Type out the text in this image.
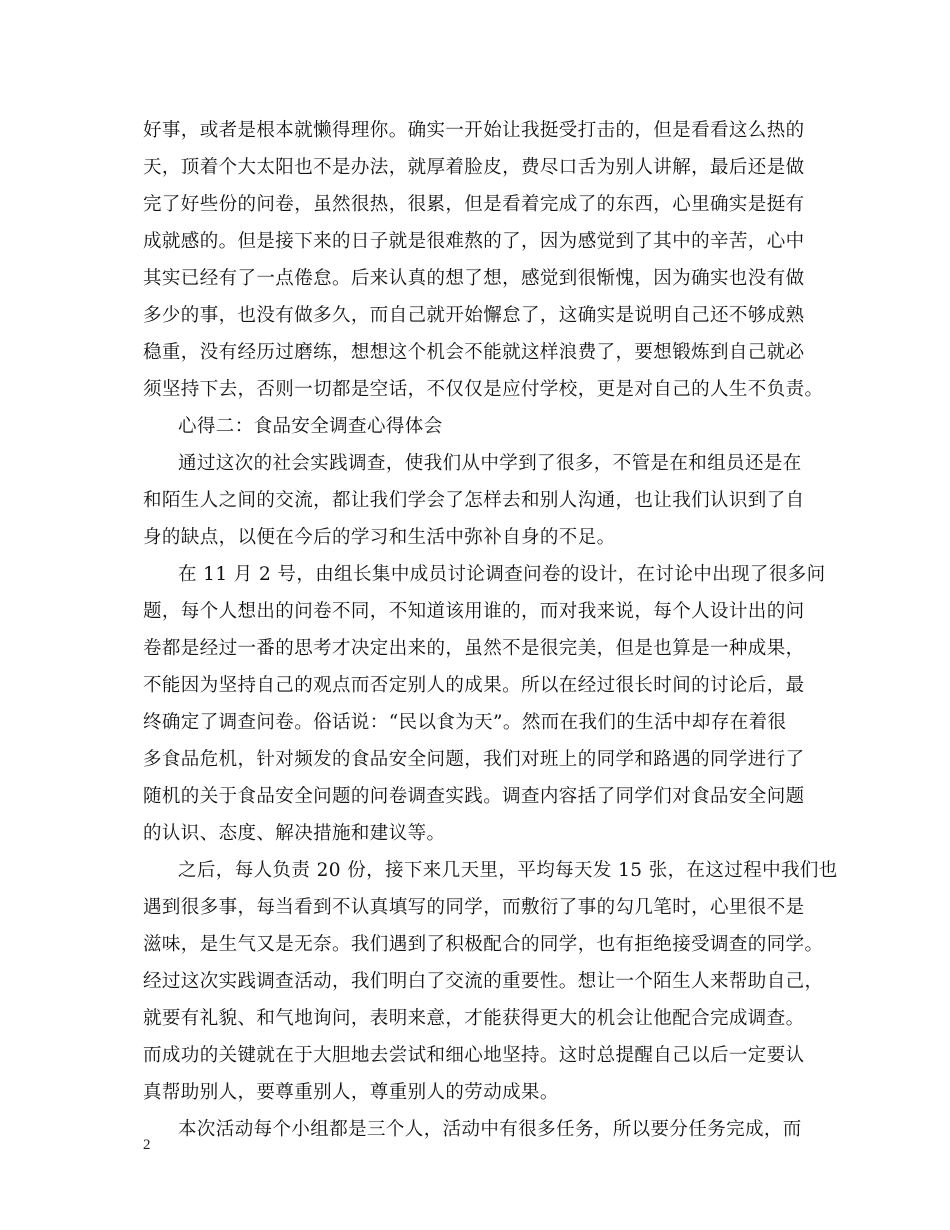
好事，或者是根本就懒得理你。确实一开始让我挺受打击的，但是看看这么热的
天，顶着个大太阳也不是办法，就厚着脸皮，费尽口舌为别人讲解，最后还是做
完了好些份的问卷，虽然很热，很累，但是看着完成了的东西，心里确实是挺有
成就感的。但是接下来的日子就是很难熬的了，因为感觉到了其中的辛苦，心中
其实已经有了一点倦怠。后来认真的想了想，感觉到很惭愧，因为确实也没有做
多少的事，也没有做多久，而自己就开始懈怠了，这确实是说明自己还不够成熟
稳重，没有经历过磨练，想想这个机会不能就这样浪费了，要想锻炼到自己就必
须坚持下去，否则一切都是空话，不仅仅是应付学校，更是对自己的人生不负责。
心得二：食品安全调查心得体会
通过这次的社会实践调查，使我们从中学到了很多，不管是在和组员还是在
和陌生人之间的交流，都让我们学会了怎样去和别人沟通，也让我们认识到了自
身的缺点，以便在今后的学习和生活中弥补自身的不足。
在 11 月 2 号，由组长集中成员讨论调查问卷的设计，在讨论中出现了很多问
题，每个人想出的问卷不同，不知道该用谁的，而对我来说，每个人设计出的问
卷都是经过一番的思考才决定出来的，虽然不是很完美，但是也算是一种成果，
不能因为坚持自己的观点而否定别人的成果。所以在经过很长时间的讨论后，最
终确定了调查问卷。俗话说：“民以食为天”。然而在我们的生活中却存在着很
多食品危机，针对频发的食品安全问题，我们对班上的同学和路遇的同学进行了
随机的关于食品安全问题的问卷调查实践。调查内容括了同学们对食品安全问题
的认识、态度、解决措施和建议等。
之后，每人负责 20 份，接下来几天里，平均每天发 15 张，在这过程中我们也
遇到很多事，每当看到不认真填写的同学，而敷衍了事的勾几笔时，心里很不是
滋味，是生气又是无奈。我们遇到了积极配合的同学，也有拒绝接受调查的同学。
经过这次实践调查活动，我们明白了交流的重要性。想让一个陌生人来帮助自己，
就要有礼貌、和气地询问，表明来意，才能获得更大的机会让他配合完成调查。
而成功的关键就在于大胆地去尝试和细心地坚持。这时总提醒自己以后一定要认
真帮助别人，要尊重别人，尊重别人的劳动成果。
本次活动每个小组都是三个人，活动中有很多任务，所以要分任务完成，而
2
